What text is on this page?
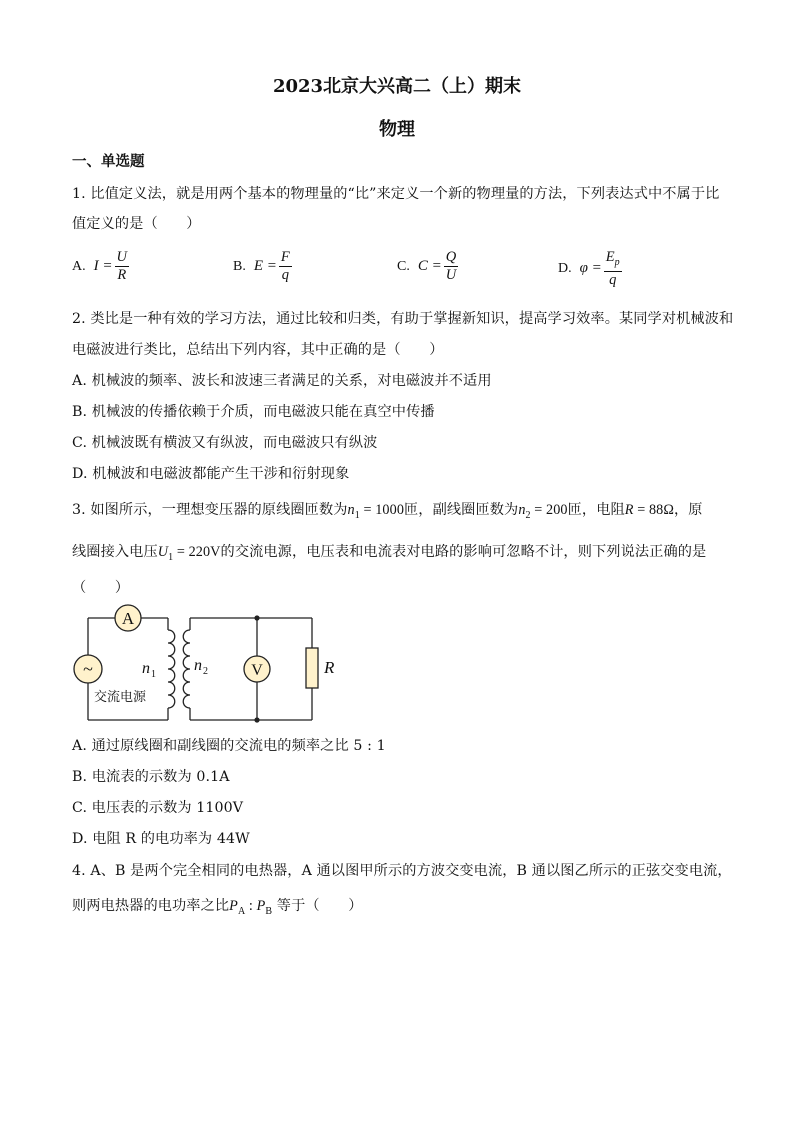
2023北京大兴高二（上）期末
物理
一、单选题
1. 比值定义法，就是用两个基本的物理量的“比”来定义一个新的物理量的方法，下列表达式中不属于比
值定义的是（　　）
A. $I = \frac{U}{R}$	B. $E = \frac{F}{q}$	C. $C = \frac{Q}{U}$	D. $\varphi = \frac{E_p}{q}$
2. 类比是一种有效的学习方法，通过比较和归类，有助于掌握新知识，提高学习效率。某同学对机械波和
电磁波进行类比，总结出下列内容，其中正确的是（　　）
A. 机械波的频率、波长和波速三者满足的关系，对电磁波并不适用
B. 机械波的传播依赖于介质，而电磁波只能在真空中传播
C. 机械波既有横波又有纵波，而电磁波只有纵波
D. 机械波和电磁波都能产生干涉和衍射现象
3. 如图所示，一理想变压器的原线圈匝数为$n_1 = 1000$匝，副线圈匝数为$n_2 = 200$匝，电阻R = 88Ω，原
线圈接入电压$U_1 = 220V$的交流电源，电压表和电流表对电路的影响可忽略不计，则下列说法正确的是
（　　）
A
~	V	R
n 1
n 2
交流电源
A. 通过原线圈和副线圈的交流电的频率之比 5 : 1
B. 电流表的示数为 0.1A
C. 电压表的示数为 1100V
D. 电阻 R 的电功率为 44W
4. A、B 是两个完全相同的电热器，A 通以图甲所示的方波交变电流，B 通以图乙所示的正弦交变电流，
则两电热器的电功率之比$P_A$ : $P_B$ 等于（　　）
